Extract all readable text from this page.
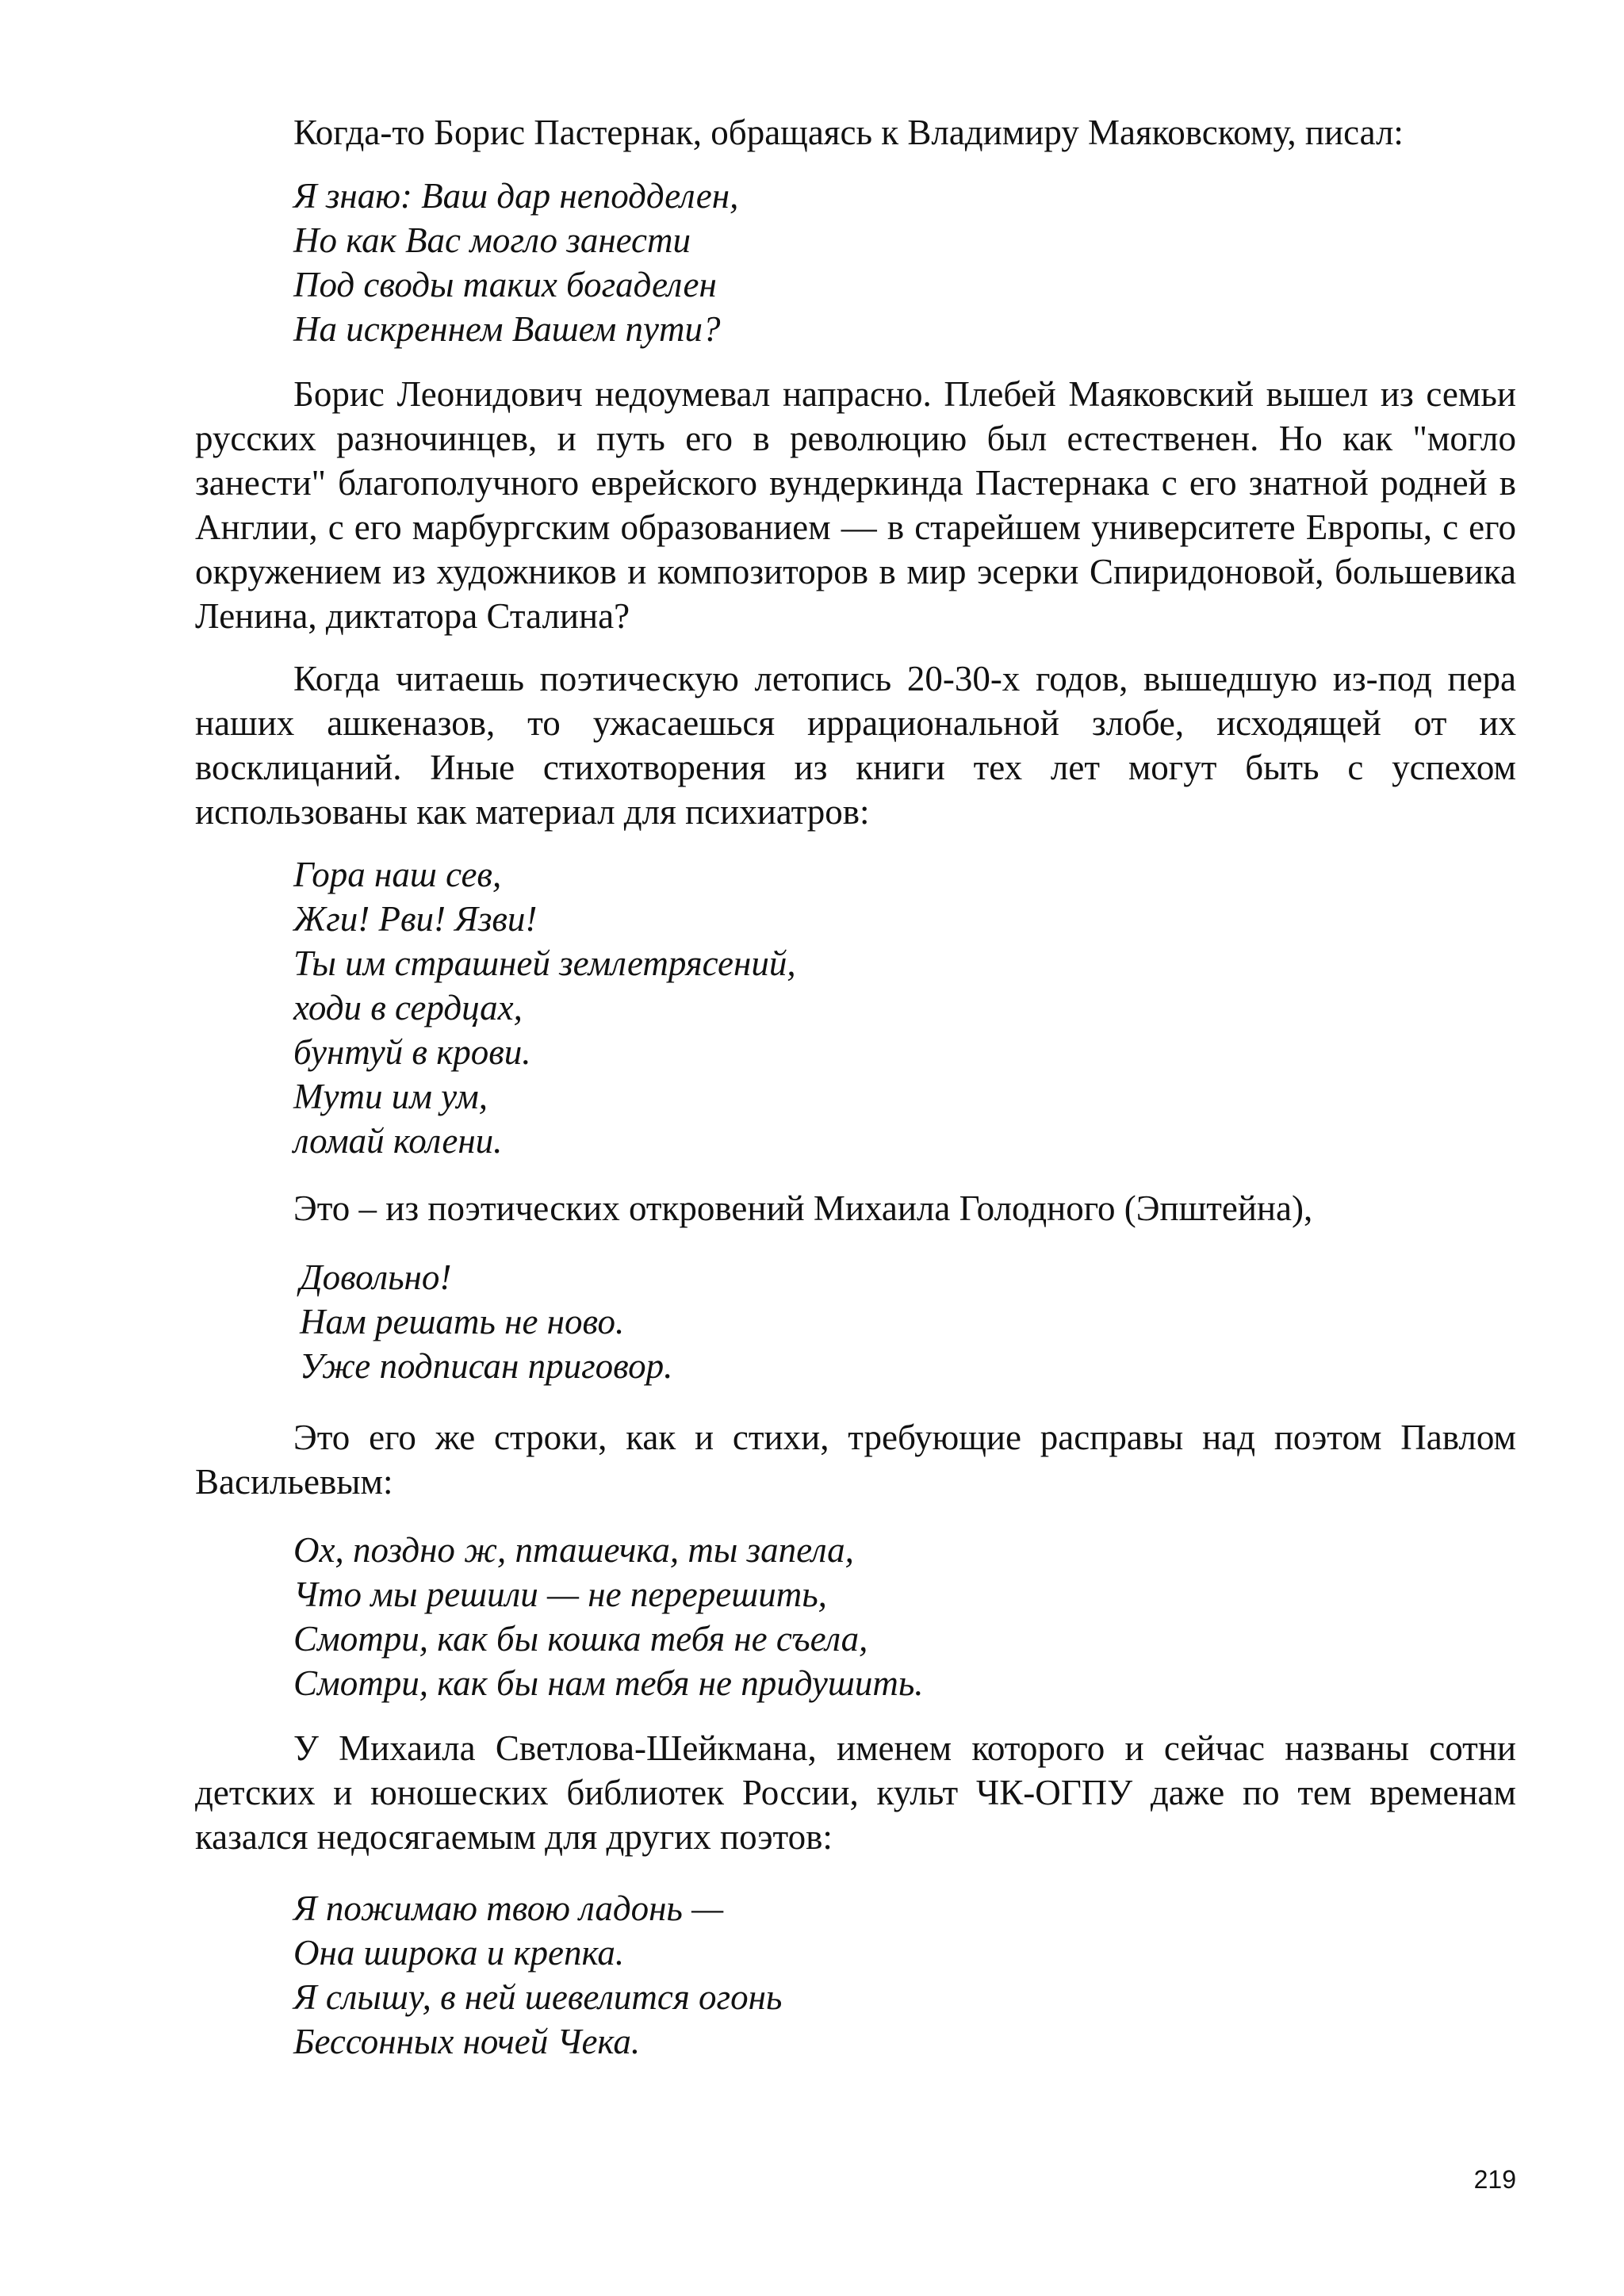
Когда-то Борис Пастернак, обращаясь к Владимиру Маяковскому, писал:

Я знаю: Ваш дар неподделен,
Но как Вас могло занести
Под своды таких богаделен
На искреннем Вашем пути?

Борис Леонидович недоумевал напрасно. Плебей Маяковский вышел из семьи русских разночинцев, и путь его в революцию был естественен. Но как "могло занести" благополучного еврейского вундеркинда Пастернака с его знатной родней в Англии, с его марбургским образованием — в старейшем университете Европы, с его окружением из художников и композиторов в мир эсерки Спиридоновой, большевика Ленина, диктатора Сталина?

Когда читаешь поэтическую летопись 20-30-х годов, вышедшую из-под пера наших ашкеназов, то ужасаешься иррациональной злобе, исходящей от их восклицаний. Иные стихотворения из книги тех лет могут быть с успехом использованы как материал для психиатров:

Гора наш сев,
Жги! Рви! Язви!
Ты им страшней землетрясений,
ходи в сердцах,
бунтуй в крови.
Мути им ум,
ломай колени.

Это – из поэтических откровений Михаила Голодного (Эпштейна),

Довольно!
Нам решать не ново.
Уже подписан приговор.

Это его же строки, как и стихи, требующие расправы над поэтом Павлом Васильевым:

Ох, поздно ж, пташечка, ты запела,
Что мы решили — не перерешить,
Смотри, как бы кошка тебя не съела,
Смотри, как бы нам тебя не придушить.

У Михаила Светлова-Шейкмана, именем которого и сейчас названы сотни детских и юношеских библиотек России, культ ЧК-ОГПУ даже по тем временам казался недосягаемым для других поэтов:

Я пожимаю твою ладонь —
Она широка и крепка.
Я слышу, в ней шевелится огонь
Бессонных ночей Чека.
219
